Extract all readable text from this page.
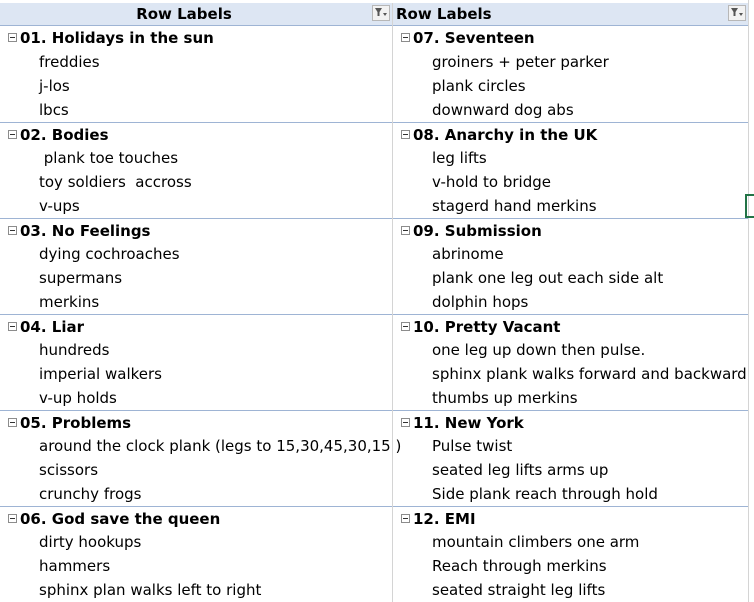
Row Labels
01. Holidays in the sun
freddies
j-los
lbcs
02. Bodies
plank toe touches
toy soldiers  accross
v-ups
03. No Feelings
dying cochroaches
supermans
merkins
04. Liar
hundreds
imperial walkers
v-up holds
05. Problems
around the clock plank (legs to 15,30,45,30,15 )
scissors
crunchy frogs
06. God save the queen
dirty hookups
hammers
sphinx plan walks left to right
Row Labels
07. Seventeen
groiners + peter parker
plank circles
downward dog abs
08. Anarchy in the UK
leg lifts
v-hold to bridge
stagerd hand merkins
09. Submission
abrinome
plank one leg out each side alt
dolphin hops
10. Pretty Vacant
one leg up down then pulse.
sphinx plank walks forward and backward
thumbs up merkins
11. New York
Pulse twist
seated leg lifts arms up
Side plank reach through hold
12. EMI
mountain climbers one arm
Reach through merkins
seated straight leg lifts
